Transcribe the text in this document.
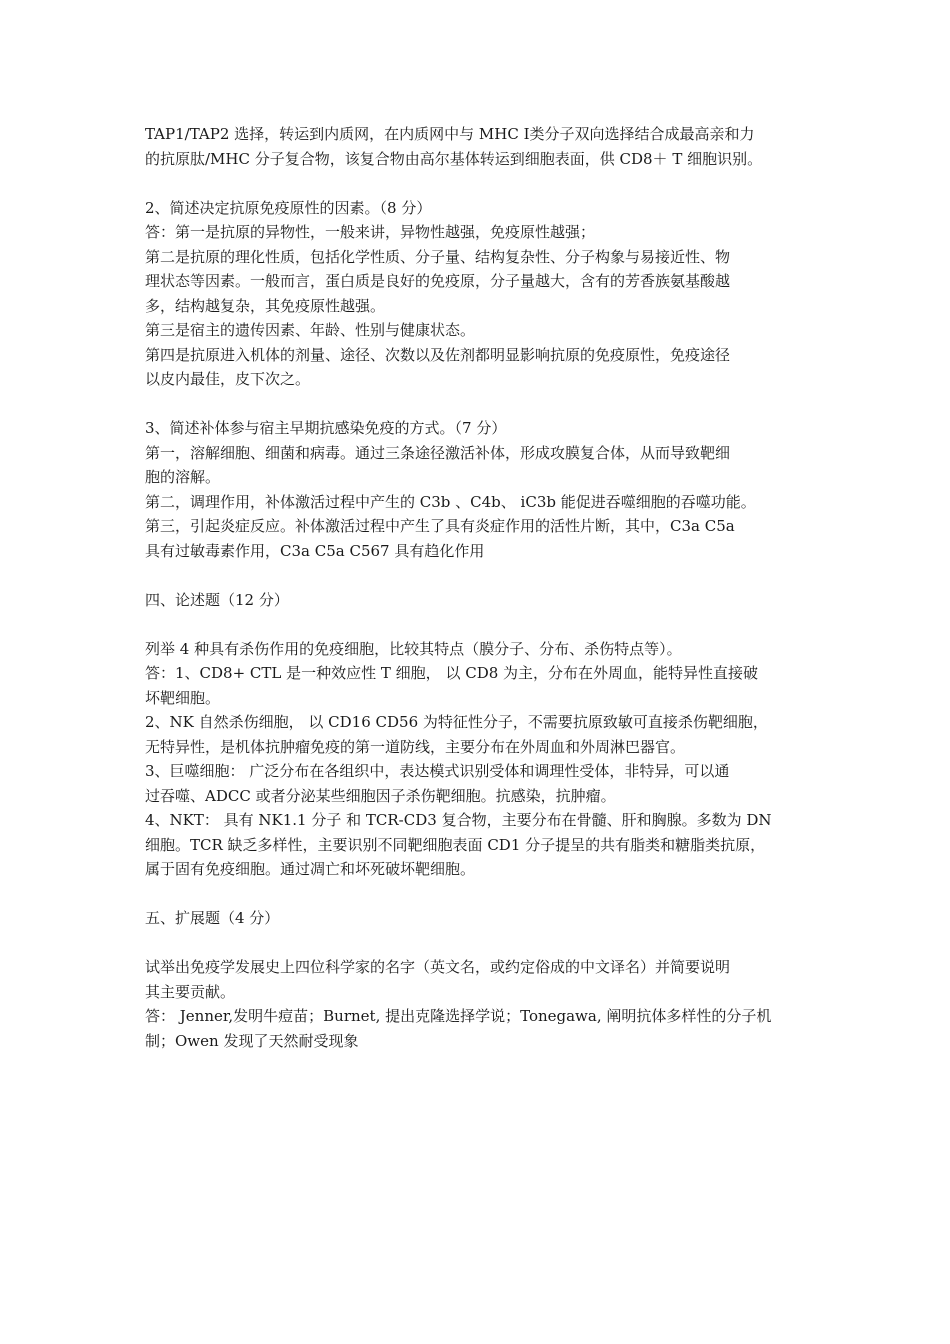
TAP1/TAP2 选择，转运到内质网，在内质网中与 MHC Ⅰ类分子双向选择结合成最高亲和力
的抗原肽/MHC 分子复合物，该复合物由高尔基体转运到细胞表面，供 CD8＋ T 细胞识别。
2、简述决定抗原免疫原性的因素。（8 分）
答：第一是抗原的异物性，一般来讲，异物性越强，免疫原性越强；
第二是抗原的理化性质，包括化学性质、分子量、结构复杂性、分子构象与易接近性、物
理状态等因素。一般而言，蛋白质是良好的免疫原，分子量越大，含有的芳香族氨基酸越
多，结构越复杂，其免疫原性越强。
第三是宿主的遗传因素、年龄、性别与健康状态。
第四是抗原进入机体的剂量、途径、次数以及佐剂都明显影响抗原的免疫原性，免疫途径
以皮内最佳，皮下次之。
3、简述补体参与宿主早期抗感染免疫的方式。（7 分）
第一，溶解细胞、细菌和病毒。通过三条途径激活补体，形成攻膜复合体，从而导致靶细
胞的溶解。
第二，调理作用，补体激活过程中产生的 C3b 、C4b、 iC3b 能促进吞噬细胞的吞噬功能。
第三，引起炎症反应。补体激活过程中产生了具有炎症作用的活性片断，其中，C3a C5a
具有过敏毒素作用，C3a C5a C567 具有趋化作用
四、论述题（12 分）
列举 4 种具有杀伤作用的免疫细胞，比较其特点（膜分子、分布、杀伤特点等）。
答：1、CD8+ CTL 是一种效应性 T 细胞， 以 CD8 为主，分布在外周血，能特异性直接破
坏靶细胞。
2、NK 自然杀伤细胞， 以 CD16 CD56 为特征性分子，不需要抗原致敏可直接杀伤靶细胞，
无特异性，是机体抗肿瘤免疫的第一道防线，主要分布在外周血和外周淋巴器官。
3、巨噬细胞： 广泛分布在各组织中，表达模式识别受体和调理性受体，非特异，可以通
过吞噬、ADCC 或者分泌某些细胞因子杀伤靶细胞。抗感染，抗肿瘤。
4、NKT： 具有 NK1.1 分子 和 TCR-CD3 复合物，主要分布在骨髓、肝和胸腺。多数为 DN
细胞。TCR 缺乏多样性，主要识别不同靶细胞表面 CD1 分子提呈的共有脂类和糖脂类抗原，
属于固有免疫细胞。通过凋亡和坏死破坏靶细胞。
五、扩展题（4 分）
试举出免疫学发展史上四位科学家的名字（英文名，或约定俗成的中文译名）并简要说明
其主要贡献。
答： Jenner,发明牛痘苗；Burnet, 提出克隆选择学说；Tonegawa, 阐明抗体多样性的分子机
制；Owen 发现了天然耐受现象
